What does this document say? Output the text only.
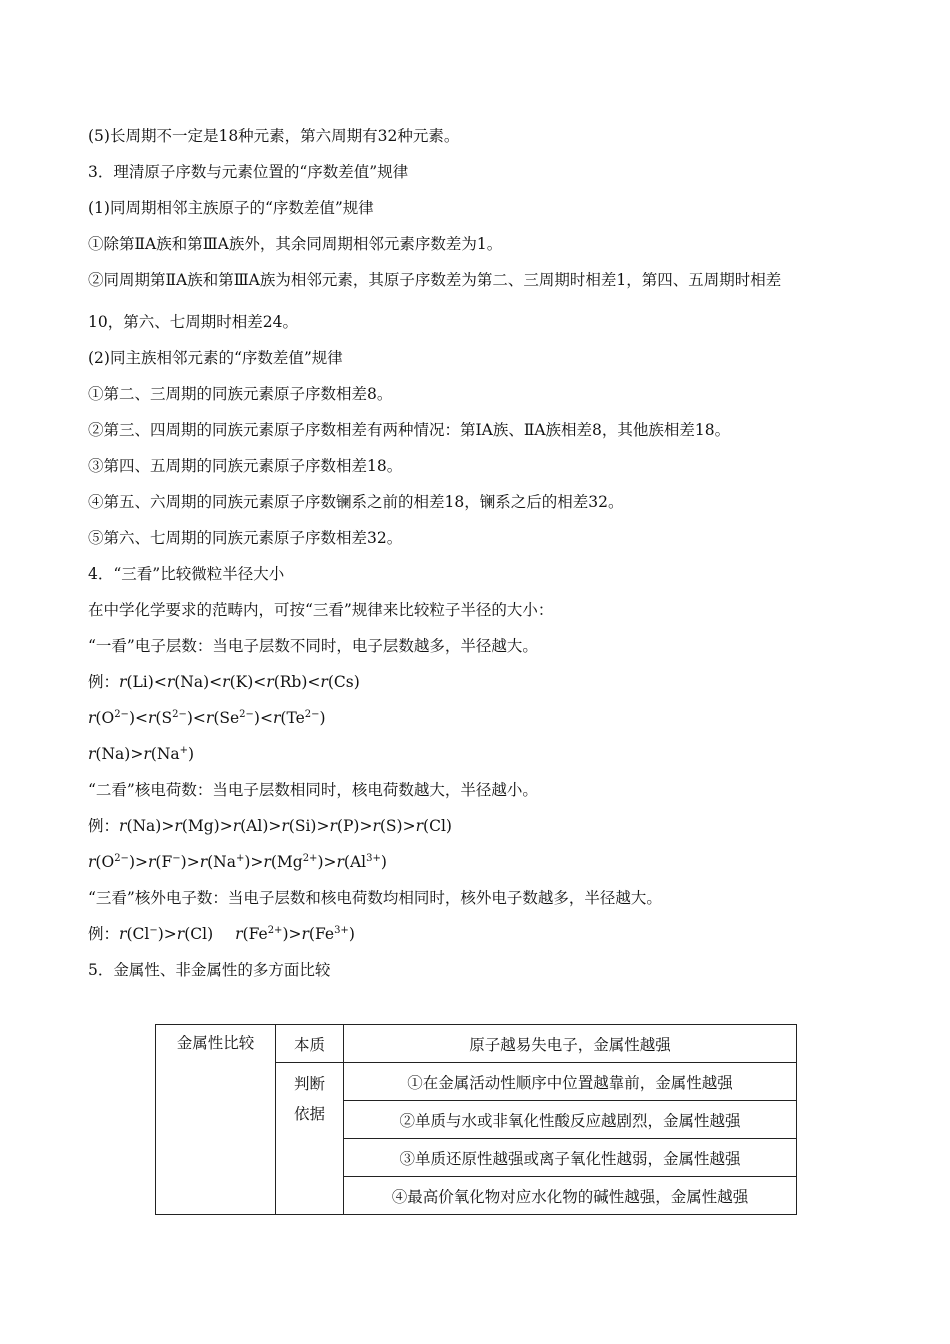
(5)长周期不一定是18种元素，第六周期有32种元素。
3．理清原子序数与元素位置的“序数差值”规律
(1)同周期相邻主族原子的“序数差值”规律
①除第ⅡA族和第ⅢA族外，其余同周期相邻元素序数差为1。
②同周期第ⅡA族和第ⅢA族为相邻元素，其原子序数差为第二、三周期时相差1，第四、五周期时相差
10，第六、七周期时相差24。
(2)同主族相邻元素的“序数差值”规律
①第二、三周期的同族元素原子序数相差8。
②第三、四周期的同族元素原子序数相差有两种情况：第ⅠA族、ⅡA族相差8，其他族相差18。
③第四、五周期的同族元素原子序数相差18。
④第五、六周期的同族元素原子序数镧系之前的相差18，镧系之后的相差32。
⑤第六、七周期的同族元素原子序数相差32。
4．“三看”比较微粒半径大小
在中学化学要求的范畴内，可按“三看”规律来比较粒子半径的大小：
“一看”电子层数：当电子层数不同时，电子层数越多，半径越大。
例：r(Li)<r(Na)<r(K)<r(Rb)<r(Cs)
$r(O^{2-})<r(S^{2-})<r(Se^{2-})<r(Te^{2-})$
r(Na)>r(Na+)
“二看”核电荷数：当电子层数相同时，核电荷数越大，半径越小。
例：r(Na)>r(Mg)>r(Al)>r(Si)>r(P)>r(S)>r(Cl)
$r(O^{2-})>r(F^-)>r(Na^+)>r(Mg^{2+})>r(Al^{3+})$
“三看”核外电子数：当电子层数和核电荷数均相同时，核外电子数越多，半径越大。
例：r(Cl−)>r(Cl) $r(Fe^{2+})>r(Fe^{3+})$
5．金属性、非金属性的多方面比较
金属性比较	本质	原子越易失电子，金属性越强

	判断
依据	①在金属活动性顺序中位置越靠前，金属性越强
		②单质与水或非氧化性酸反应越剧烈，金属性越强
		③单质还原性越强或离子氧化性越弱，金属性越强
		④最高价氧化物对应水化物的碱性越强，金属性越强
